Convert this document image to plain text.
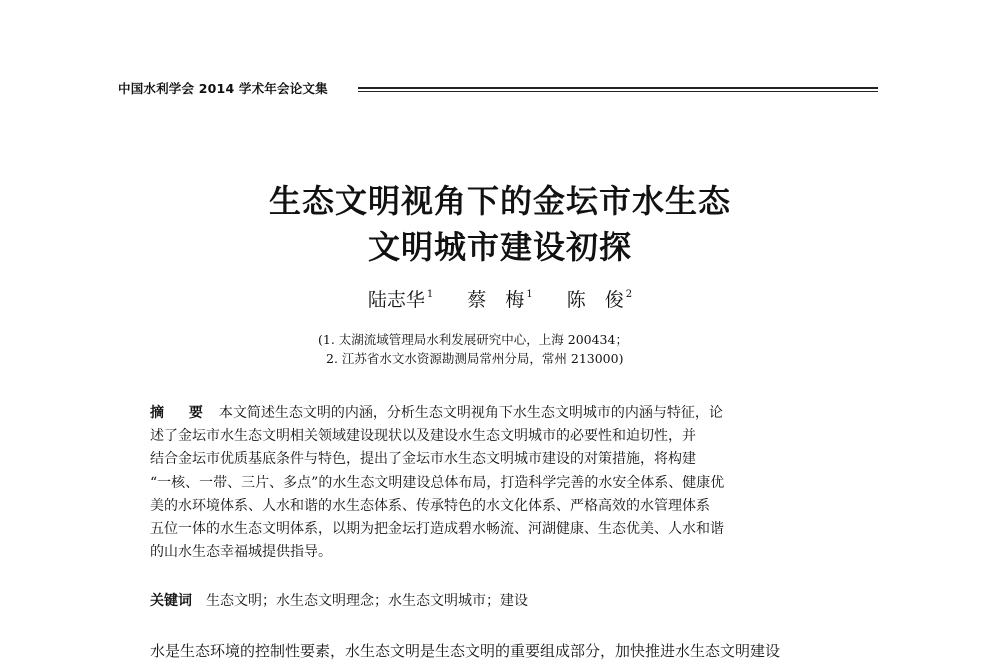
中国水利学会 2014 学术年会论文集
生态文明视角下的金坛市水生态
文明城市建设初探
陆志华 $^1$ 蔡　梅 $^1$ 陈　俊 $^2$
(1. 太湖流域管理局水利发展研究中心，上海 200434；
2. 江苏省水文水资源勘测局常州分局，常州 213000)

摘 要 本文简述生态文明的内涵，分析生态文明视角下水生态文明城市的内涵与特征，论

述了金坛市水生态文明相关领域建设现状以及建设水生态文明城市的必要性和迫切性，并

结合金坛市优质基底条件与特色，提出了金坛市水生态文明城市建设的对策措施，将构建

“一核、一带、三片、多点”的水生态文明建设总体布局，打造科学完善的水安全体系、健康优

美的水环境体系、人水和谐的水生态体系、传承特色的水文化体系、严格高效的水管理体系

五位一体的水生态文明体系，以期为把金坛打造成碧水畅流、河湖健康、生态优美、人水和谐

的山水生态幸福城提供指导。

关键词 生态文明；水生态文明理念；水生态文明城市；建设
水是生态环境的控制性要素，水生态文明是生态文明的重要组成部分，加快推进水生态文明建设
